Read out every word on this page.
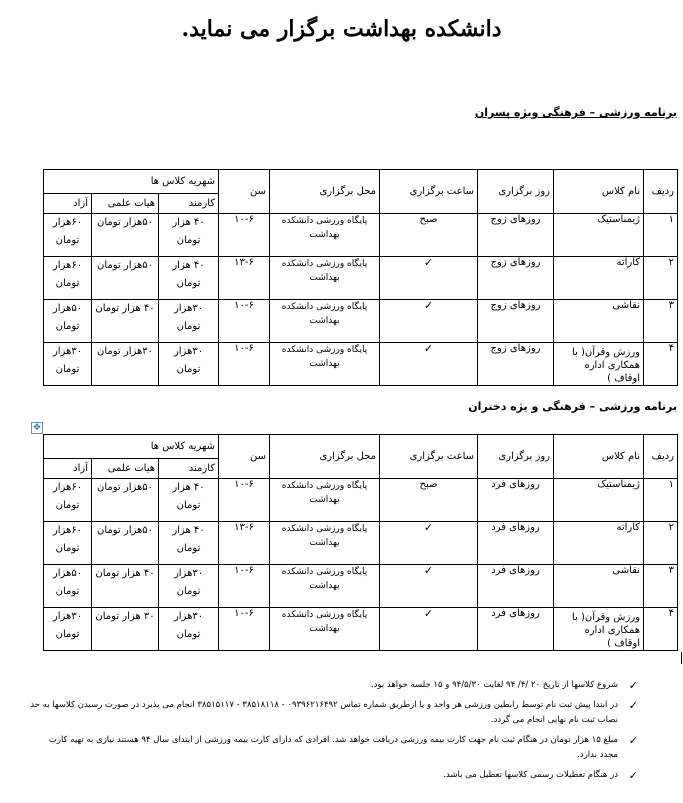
دانشکده بهداشت برگزار می نماید.
برنامه ورزشی – فرهنگی ویژه پسران
ردیف	نام کلاس	روز برگزاری	ساعت برگزاری	محل برگزاری	سن	شهریه کلاس ها		
						کارمند	هیات علمی	آزاد
۱	ژیمناستیک	روزهای زوج	صبح	پایگاه ورزشی دانشکده بهداشت	۱۰-۶	۴۰ هزار تومان	۵۰هزار تومان	۶۰هزار تومان
۲	کاراته	روزهای زوج	✓	پایگاه ورزشی دانشکده بهداشت	۱۳-۶	۴۰ هزار تومان	۵۰هزار تومان	۶۰هزار تومان
۳	نقاشی	روزهای زوج	✓	پایگاه ورزشی دانشکده بهداشت	۱۰-۶	۳۰هزار تومان	۴۰ هزار تومان	۵۰هزار تومان
۴	ورزش وقرآن( با همکاری اداره اوقاف )	روزهای زوج	✓	پایگاه ورزشی دانشکده بهداشت	۱۰-۶	۳۰هزار تومان	۳۰هزار تومان	۳۰هزار تومان
برنامه ورزشی – فرهنگی و یژه دختران
✥
ردیف	نام کلاس	روز برگزاری	ساعت برگزاری	محل برگزاری	سن	شهریه کلاس ها		
						کارمند	هیات علمی	آزاد
۱	ژیمناستیک	روزهای فرد	صبح	پایگاه ورزشی دانشکده بهداشت	۱۰-۶	۴۰ هزار تومان	۵۰هزار تومان	۶۰هزار تومان
۲	کاراته	روزهای فرد	✓	پایگاه ورزشی دانشکده بهداشت	۱۳-۶	۴۰ هزار تومان	۵۰هزار تومان	۶۰هزار تومان
۳	نقاشی	روزهای فرد	✓	پایگاه ورزشی دانشکده بهداشت	۱۰-۶	۳۰هزار تومان	۴۰ هزار تومان	۵۰هزار تومان
۴	ورزش وقرآن( با همکاری اداره اوقاف )	روزهای فرد	✓	پایگاه ورزشی دانشکده بهداشت	۱۰-۶	۳۰هزار تومان	۳۰ هزار تومان	۳۰هزار تومان
✓
شروع کلاسها از تاریخ ۲۰ /۴/ ۹۴ لغایت ۹۴/۵/۳۰ و ۱۵ جلسه خواهد بود.
✓
در ابتدا پیش ثبت نام توسط رابطین ورزشی هر واحد و یا ازطریق شماره تماس ۰۹۳۹۶۲۱۶۴۹۲ - ۳۸۵۱۸۱۱۸ - ۳۸۵۱۵۱۱۷ انجام می پذیرد در صورت رسیدن کلاسها به حد نصاب ثبت نام نهایی انجام می گردد.
✓
مبلغ ۱۵ هزار تومان در هنگام ثبت نام جهت کارت بیمه ورزشی دریافت خواهد شد. افرادی که دارای کارت بیمه ورزشی از ابتدای سال ۹۴ هستند نیازی به تهیه کارت مجدد ندارد.
✓
در هنگام تعطیلات رسمی کلاسها تعطیل می باشد.
